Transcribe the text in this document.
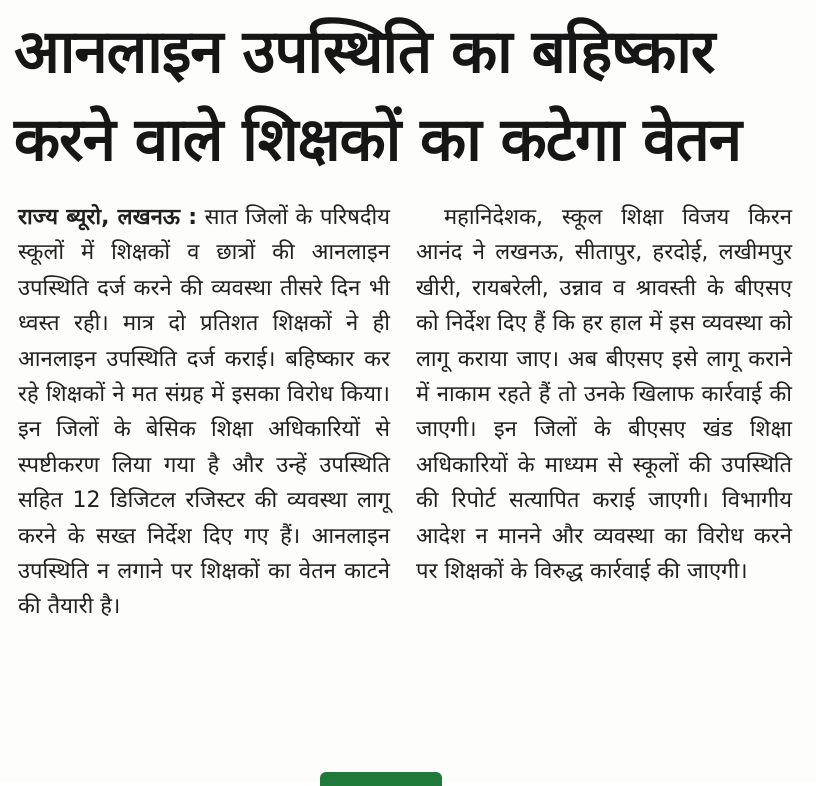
आनलाइन उपस्थिति का बहिष्कार
करने वाले शिक्षकों का कटेगा वेतन

राज्य ब्यूरो, लखनऊ : सात जिलों के परिषदीय स्कूलों में शिक्षकों व छात्रों की आनलाइन उपस्थिति दर्ज करने की व्यवस्था तीसरे दिन भी ध्वस्त रही। मात्र दो प्रतिशत शिक्षकों ने ही आनलाइन उपस्थिति दर्ज कराई। बहिष्कार कर रहे शिक्षकों ने मत संग्रह में इसका विरोध किया। इन जिलों के बेसिक शिक्षा अधिकारियों से स्पष्टीकरण लिया गया है और उन्हें उपस्थिति सहित 12 डिजिटल रजिस्टर की व्यवस्था लागू करने के सख्त निर्देश दिए गए हैं। आनलाइन उपस्थिति न लगाने पर शिक्षकों का वेतन काटने की तैयारी है।

महानिदेशक, स्कूल शिक्षा विजय किरन आनंद ने लखनऊ, सीतापुर, हरदोई, लखीमपुर खीरी, रायबरेली, उन्नाव व श्रावस्ती के बीएसए को निर्देश दिए हैं कि हर हाल में इस व्यवस्था को लागू कराया जाए। अब बीएसए इसे लागू कराने में नाकाम रहते हैं तो उनके खिलाफ कार्रवाई की जाएगी। इन जिलों के बीएसए खंड शिक्षा अधिकारियों के माध्यम से स्कूलों की उपस्थिति की रिपोर्ट सत्यापित कराई जाएगी। विभागीय आदेश न मानने और व्यवस्था का विरोध करने पर शिक्षकों के विरुद्ध कार्रवाई की जाएगी।
